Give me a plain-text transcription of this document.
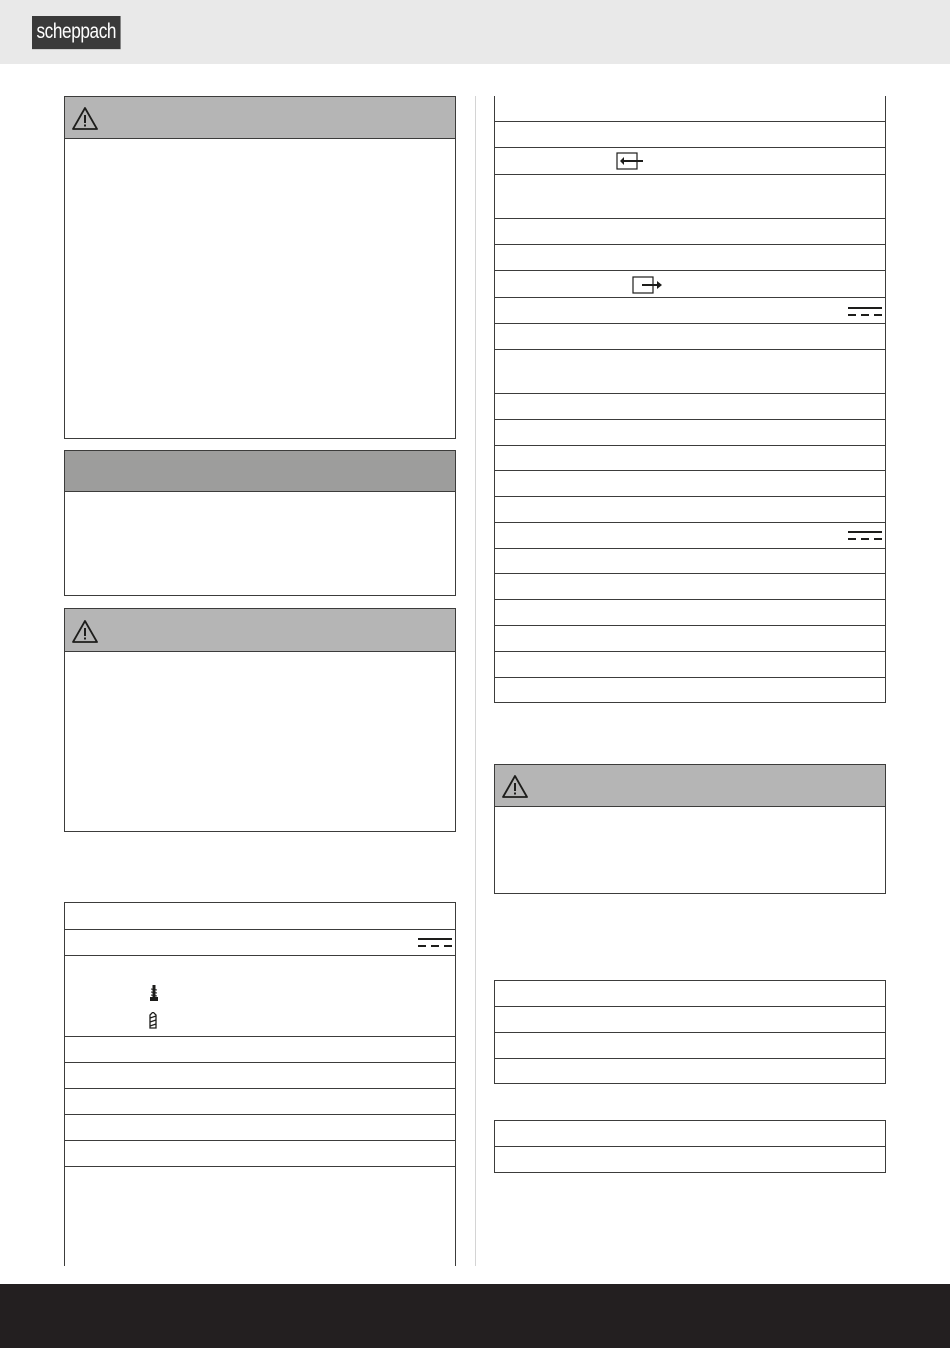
scheppach
